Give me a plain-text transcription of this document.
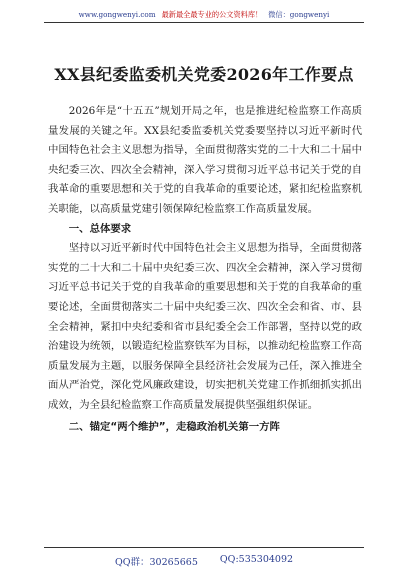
www.gongwenyi.com 最新最全最专业的公文资料库！ 微信：gongwenyi
XX县纪委监委机关党委2026年工作要点

2026年是“十五五”规划开局之年，也是推进纪检监察工作高质量发展的关键之年。XX县纪委监委机关党委要坚持以习近平新时代中国特色社会主义思想为指导，全面贯彻落实党的二十大和二十届中央纪委三次、四次全会精神，深入学习贯彻习近平总书记关于党的自我革命的重要思想和关于党的自我革命的重要论述，紧扣纪检监察机关职能，以高质量党建引领保障纪检监察工作高质量发展。

一、总体要求

坚持以习近平新时代中国特色社会主义思想为指导，全面贯彻落实党的二十大和二十届中央纪委三次、四次全会精神，深入学习贯彻习近平总书记关于党的自我革命的重要思想和关于党的自我革命的重要论述，全面贯彻落实二十届中央纪委三次、四次全会和省、市、县全会精神，紧扣中央纪委和省市县纪委全会工作部署，坚持以党的政治建设为统领，以锻造纪检监察铁军为目标，以推动纪检监察工作高质量发展为主题，以服务保障全县经济社会发展为己任，深入推进全面从严治党，深化党风廉政建设，切实把机关党建工作抓细抓实抓出成效，为全县纪检监察工作高质量发展提供坚强组织保证。

二、锚定“两个维护”，走稳政治机关第一方阵
QQ群：30265665 QQ:535304092
